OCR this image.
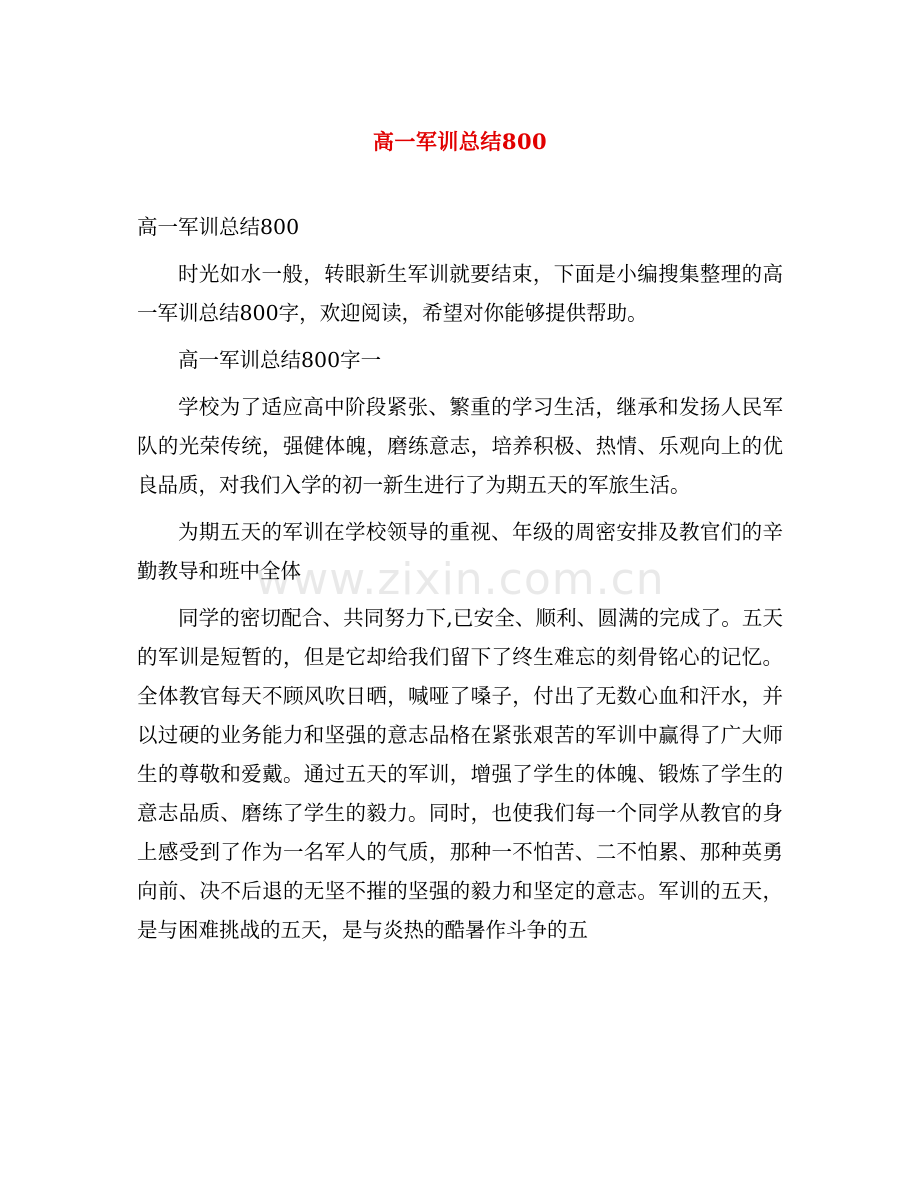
高一军训总结800
www.zixin.com.cn

高一军训总结800

时光如水一般，转眼新生军训就要结束，下面是小编搜集整理的高一军训总结800字，欢迎阅读，希望对你能够提供帮助。

高一军训总结800字一

学校为了适应高中阶段紧张、繁重的学习生活，继承和发扬人民军队的光荣传统，强健体魄，磨练意志，培养积极、热情、乐观向上的优良品质，对我们入学的初一新生进行了为期五天的军旅生活。

为期五天的军训在学校领导的重视、年级的周密安排及教官们的辛勤教导和班中全体

同学的密切配合、共同努力下,已安全、顺利、圆满的完成了。五天的军训是短暂的，但是它却给我们留下了终生难忘的刻骨铭心的记忆。全体教官每天不顾风吹日晒，喊哑了嗓子，付出了无数心血和汗水，并以过硬的业务能力和坚强的意志品格在紧张艰苦的军训中赢得了广大师生的尊敬和爱戴。通过五天的军训，增强了学生的体魄、锻炼了学生的意志品质、磨练了学生的毅力。同时，也使我们每一个同学从教官的身上感受到了作为一名军人的气质，那种一不怕苦、二不怕累、那种英勇向前、决不后退的无坚不摧的坚强的毅力和坚定的意志。军训的五天，是与困难挑战的五天，是与炎热的酷暑作斗争的五
